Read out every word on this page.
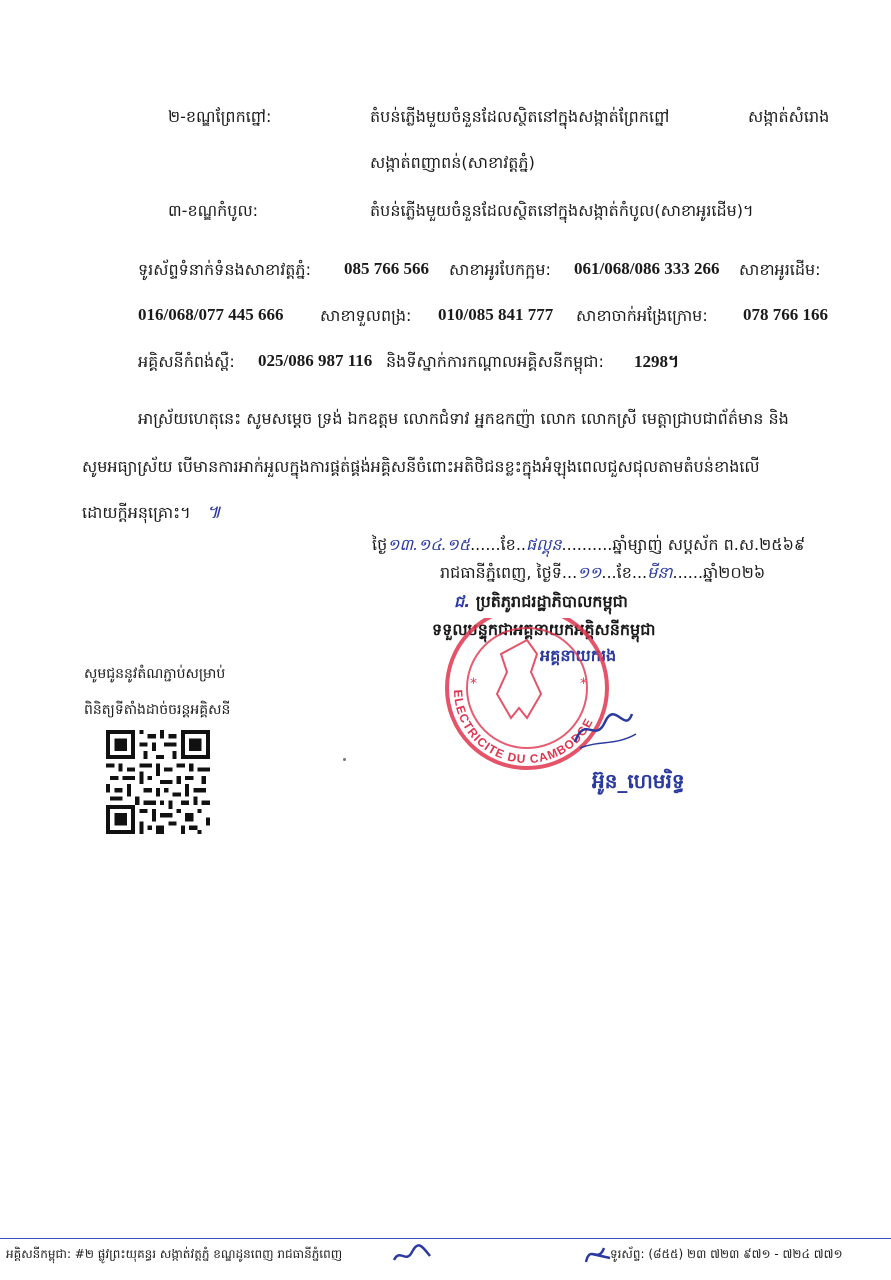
២-ខណ្ឌព្រែកព្នៅ:	តំបន់ភ្លើងមួយចំនួនដែលស្ថិតនៅក្នុងសង្កាត់ព្រែកព្នៅ	សង្កាត់សំរោង
សង្កាត់ពញាពន់(សាខាវត្តភ្នំ)
៣-ខណ្ឌកំបូល:	តំបន់ភ្លើងមួយចំនួនដែលស្ថិតនៅក្នុងសង្កាត់កំបូល(សាខាអូរដើម)។
ទូរស័ព្ទទំនាក់ទំនងសាខាវត្តភ្នំ: 085 766 566 សាខាអូរបែកក្អម: 061/068/086 333 266 សាខាអូរដើម:
016/068/077 445 666 សាខាទួលពង្រ: 010/085 841 777 សាខាចាក់អង្រែក្រោម: 078 766 166
អគ្គិសនីកំពង់ស្ពឺ: 025/086 987 116 និងទីស្នាក់ការកណ្ដាលអគ្គិសនីកម្ពុជា: 1298។
អាស្រ័យហេតុនេះ សូមសម្ដេច ទ្រង់ ឯកឧត្តម លោកជំទាវ អ្នកឧកញ៉ា លោក លោកស្រី មេត្តាជ្រាបជាព័ត៌មាន និង
សូមអធ្យាស្រ័យ បើមានការអាក់អួលក្នុងការផ្គត់ផ្គង់អគ្គិសនីចំពោះអតិថិជនខ្លះក្នុងអំឡុងពេលជួសជុលតាមតំបន់ខាងលើ
ដោយក្ដីអនុគ្រោះ។ ៕
ថ្ងៃ១៣.១៤.១៥......ខែ..ផល្គុន..........ឆ្នាំម្សាញ់ សប្តស័ក ព.ស.២៥៦៩
រាជធានីភ្នំពេញ, ថ្ងៃទី...១១...ខែ...មីនា......ឆ្នាំ២០២៦
ជ. ប្រតិភូរាជរដ្ឋាភិបាលកម្ពុជា
ទទួលបន្ទុកជាអគ្គនាយកអគ្គិសនីកម្ពុជា
អគ្គនាយករង
*	*
ELECTRICITE DU CAMBODGE
អ៊ូន_ហេមរិទ្ធ
សូមជូននូវតំណភ្ជាប់សម្រាប់
ពិនិត្យទីតាំងដាច់ចរន្តអគ្គិសនី
អគ្គិសនីកម្ពុជា: #២ ផ្លូវព្រះយុគន្ធរ សង្កាត់វត្តភ្នំ ខណ្ឌដូនពេញ រាជធានីភ្នំពេញ	ទូរស័ព្ទ: (៨៥៥) ២៣ ៧២៣ ៩៧១ - ៧២៤ ៧៧១
